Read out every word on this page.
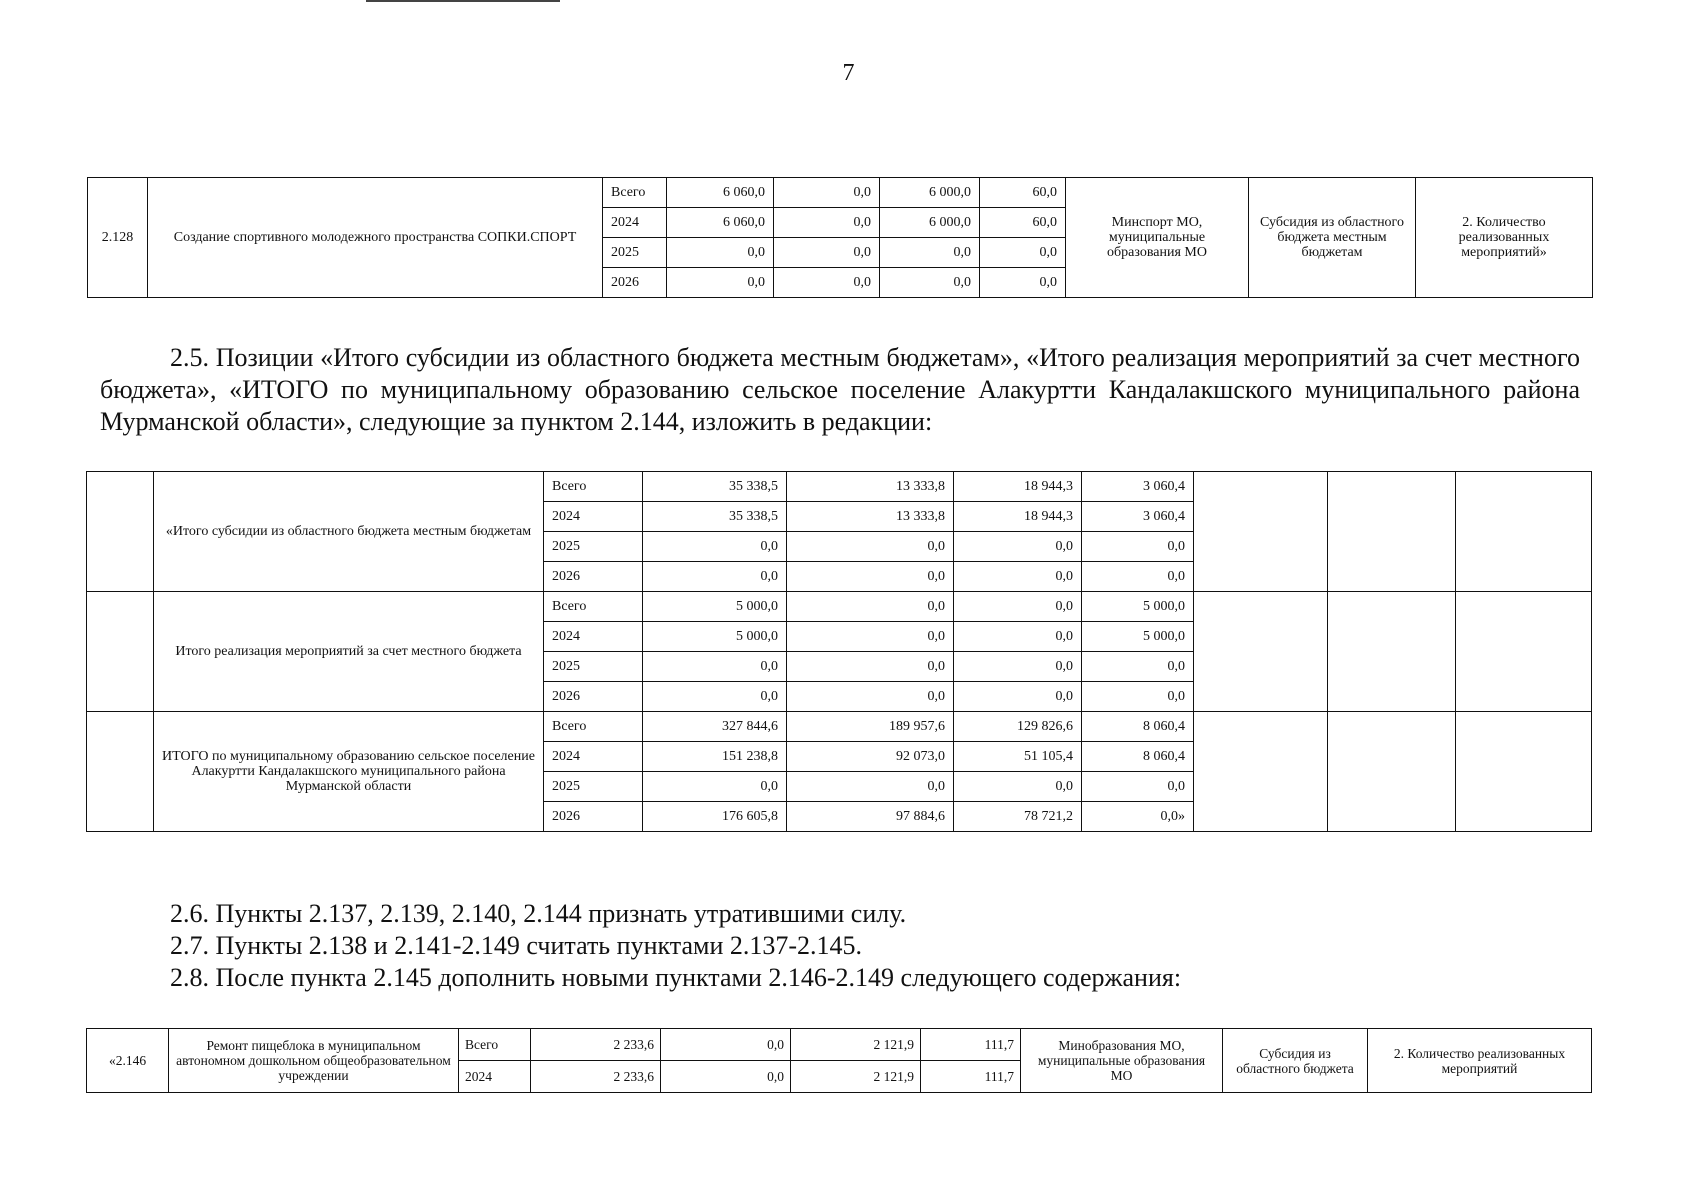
7
2.128	Создание спортивного молодежного пространства СОПКИ.СПОРТ	Всего	6 060,0	0,0	6 000,0	60,0	Минспорт МО, муниципальные образования МО	Субсидия из областного бюджета местным бюджетам	2. Количество реализованных мероприятий»
		2024	6 060,0	0,0	6 000,0	60,0			
		2025	0,0	0,0	0,0	0,0			
		2026	0,0	0,0	0,0	0,0			
2.5. Позиции «Итого субсидии из областного бюджета местным бюджетам», «Итого реализация мероприятий за счет местного бюджета», «ИТОГО по муниципальному образованию сельское поселение Алакуртти Кандалакшского муниципального района Мурманской области», следующие за пунктом 2.144, изложить в редакции:
	«Итого субсидии из областного бюджета местным бюджетам	Всего	35 338,5	13 333,8	18 944,3	3 060,4			
		2024	35 338,5	13 333,8	18 944,3	3 060,4			
		2025	0,0	0,0	0,0	0,0			
		2026	0,0	0,0	0,0	0,0			
	Итого реализация мероприятий за счет местного бюджета	Всего	5 000,0	0,0	0,0	5 000,0			
		2024	5 000,0	0,0	0,0	5 000,0			
		2025	0,0	0,0	0,0	0,0			
		2026	0,0	0,0	0,0	0,0			
	ИТОГО по муниципальному образованию сельское поселение Алакуртти Кандалакшского муниципального района Мурманской области	Всего	327 844,6	189 957,6	129 826,6	8 060,4			
		2024	151 238,8	92 073,0	51 105,4	8 060,4			
		2025	0,0	0,0	0,0	0,0			
		2026	176 605,8	97 884,6	78 721,2	0,0»			
2.6. Пункты 2.137, 2.139, 2.140, 2.144 признать утратившими силу.
2.7. Пункты 2.138 и 2.141-2.149 считать пунктами 2.137-2.145.
2.8. После пункта 2.145 дополнить новыми пунктами 2.146-2.149 следующего содержания:
«2.146	Ремонт пищеблока в муниципальном автономном дошкольном общеобразовательном учреждении	Всего	2 233,6	0,0	2 121,9	111,7	Минобразования МО, муниципальные образования МО	Субсидия из областного бюджета	2. Количество реализованных мероприятий
		2024	2 233,6	0,0	2 121,9	111,7			
